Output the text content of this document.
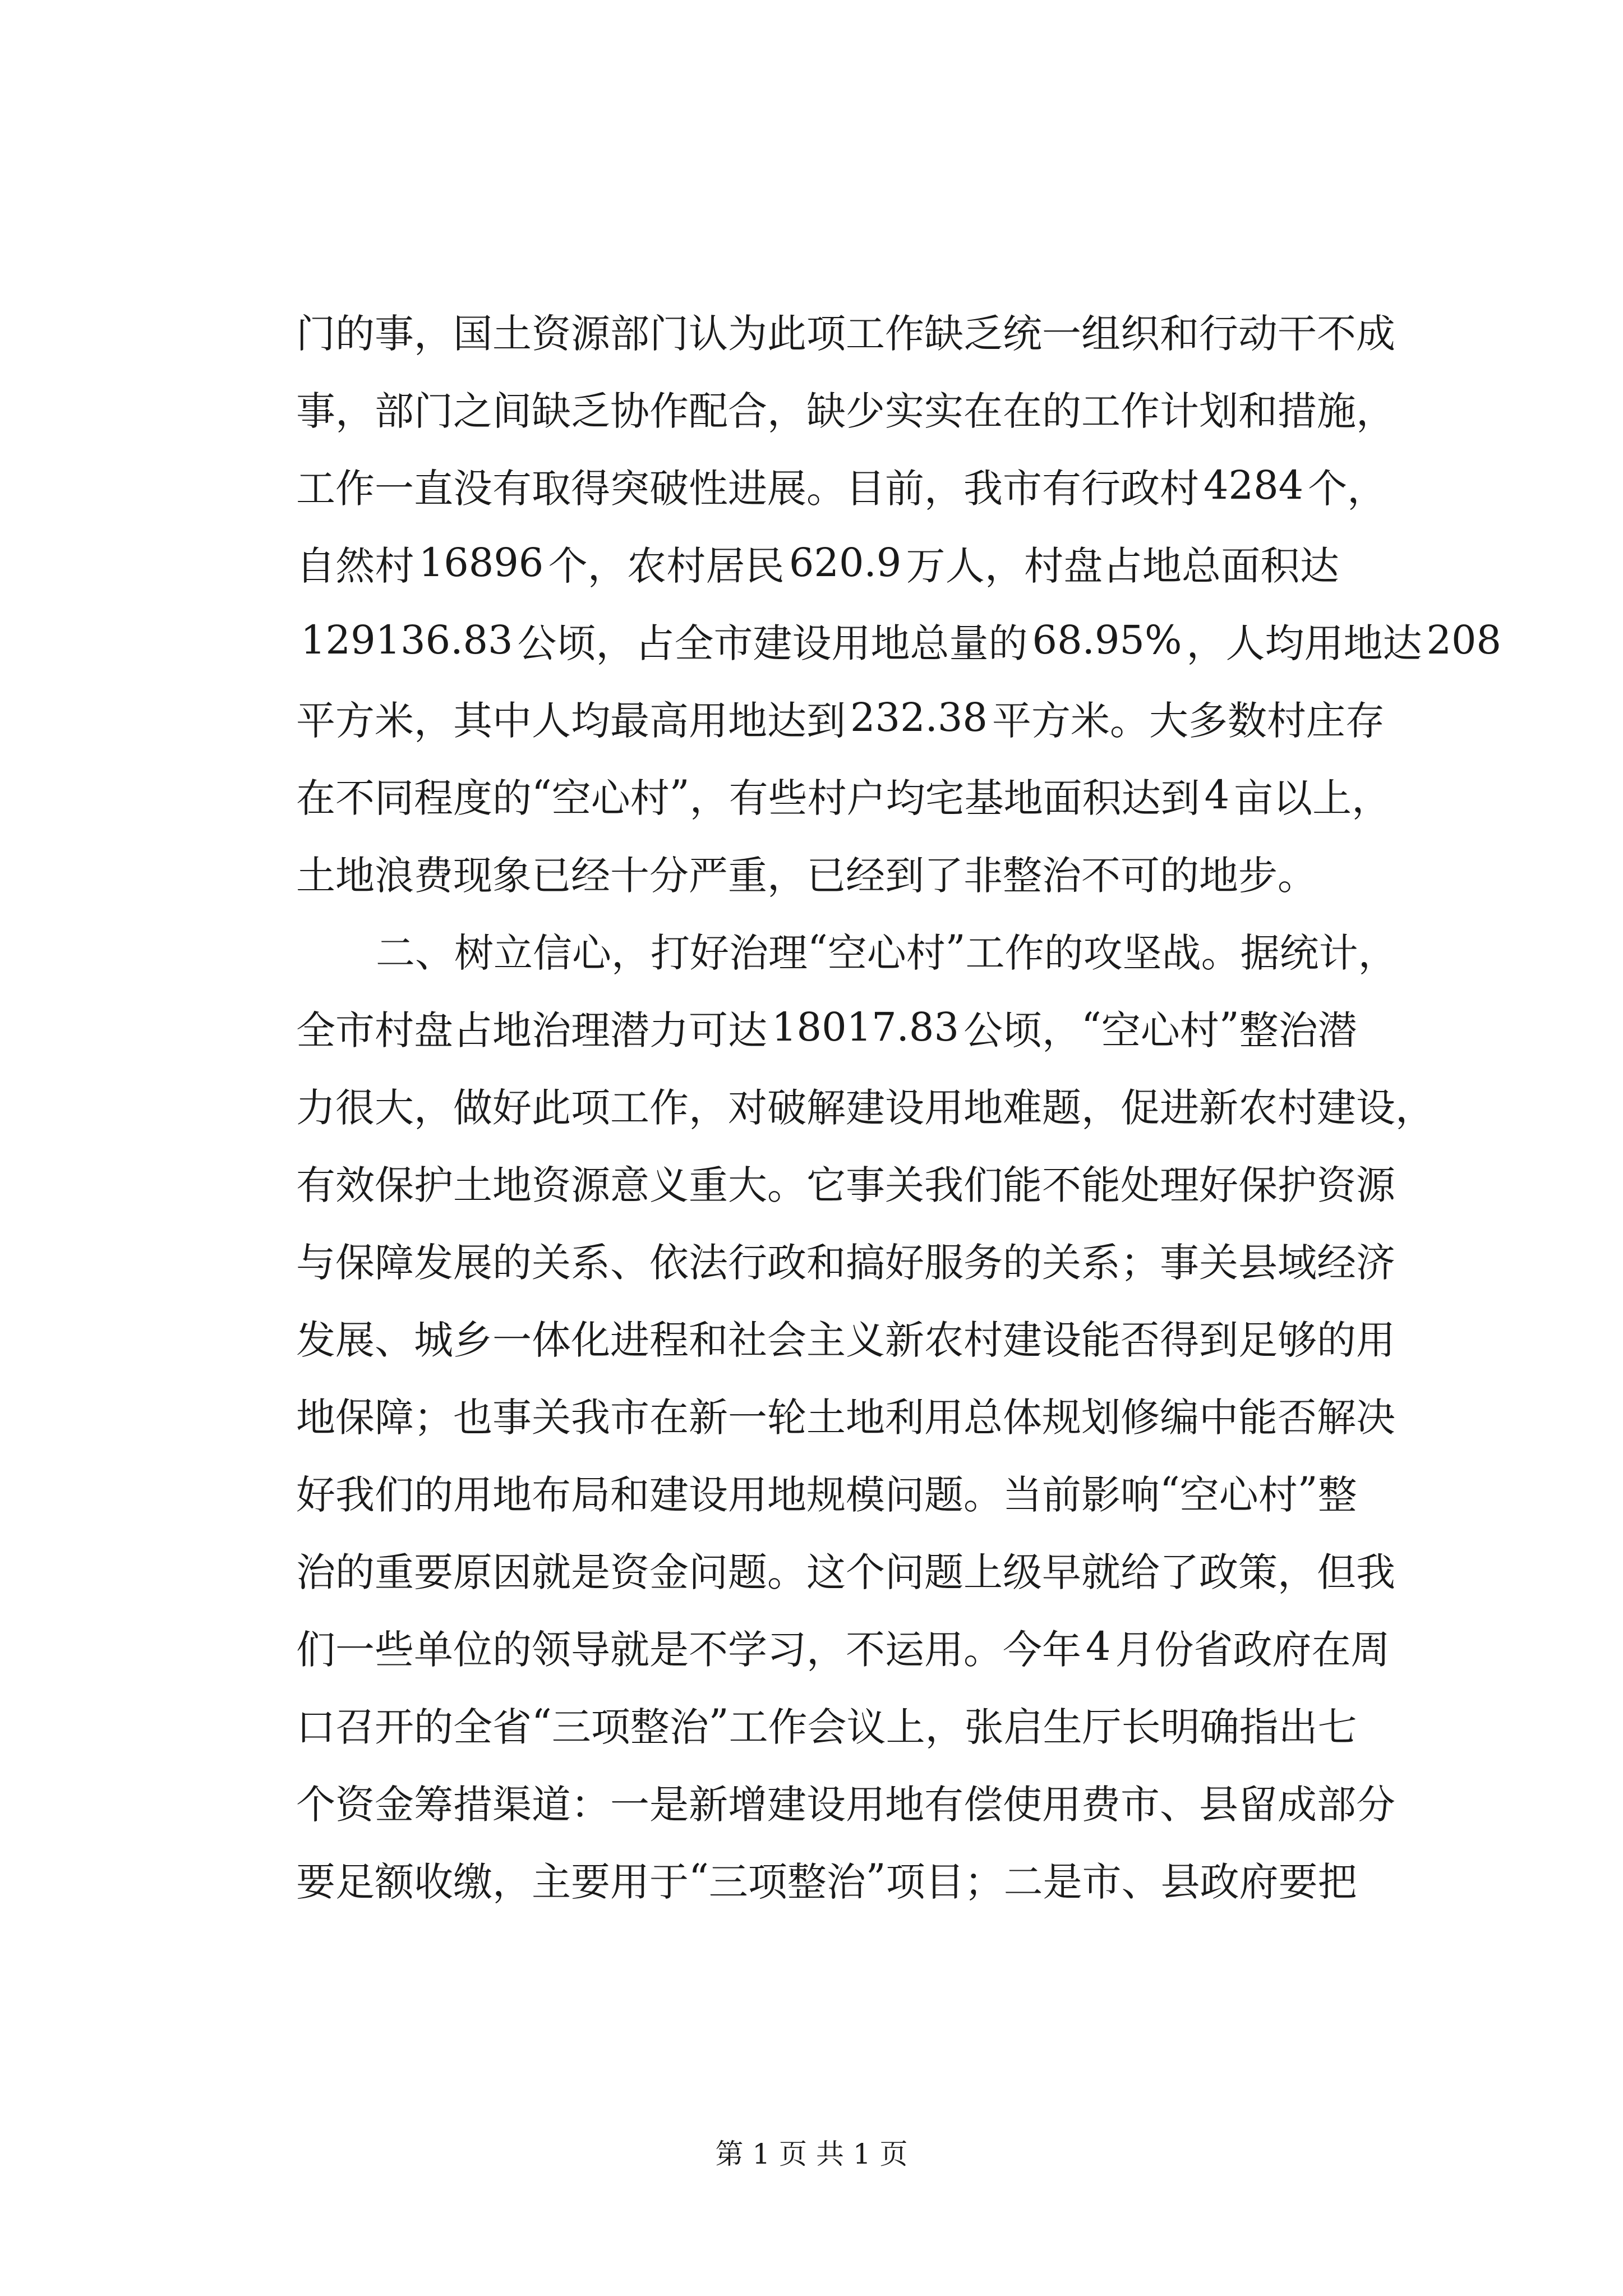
门 的 事 ， 国 土 资 源 部 门 认 为 此 项 工 作 缺 乏 统 一 组 织 和 行 动 干 不 成
事 ， 部 门 之 间 缺 乏 协 作 配 合 ， 缺 少 实 实 在 在 的 工 作 计 划 和 措 施 ，
工 作 一 直 没 有 取 得 突 破 性 进 展 。 目 前 ， 我 市 有 行 政 村 4284 个 ，
自 然 村 16896 个 ， 农 村 居 民 620.9 万 人 ， 村 盘 占 地 总 面 积 达
129136.83 公 顷 ， 占 全 市 建 设 用 地 总 量 的 68.95% ， 人 均 用 地 达 208
平 方 米 ， 其 中 人 均 最 高 用 地 达 到 232.38 平 方 米 。 大 多 数 村 庄 存
在 不 同 程 度 的 “ 空 心 村 ” ， 有 些 村 户 均 宅 基 地 面 积 达 到 4 亩 以 上 ，
土 地 浪 费 现 象 已 经 十 分 严 重 ， 已 经 到 了 非 整 治 不 可 的 地 步 。
二 、 树 立 信 心 ， 打 好 治 理 “ 空 心 村 ” 工 作 的 攻 坚 战 。 据 统 计 ，
全 市 村 盘 占 地 治 理 潜 力 可 达 18017.83 公 顷 ， “ 空 心 村 ” 整 治 潜
力 很 大 ， 做 好 此 项 工 作 ， 对 破 解 建 设 用 地 难 题 ， 促 进 新 农 村 建 设 ，
有 效 保 护 土 地 资 源 意 义 重 大 。 它 事 关 我 们 能 不 能 处 理 好 保 护 资 源
与 保 障 发 展 的 关 系 、 依 法 行 政 和 搞 好 服 务 的 关 系 ； 事 关 县 域 经 济
发 展 、 城 乡 一 体 化 进 程 和 社 会 主 义 新 农 村 建 设 能 否 得 到 足 够 的 用
地 保 障 ； 也 事 关 我 市 在 新 一 轮 土 地 利 用 总 体 规 划 修 编 中 能 否 解 决
好 我 们 的 用 地 布 局 和 建 设 用 地 规 模 问 题 。 当 前 影 响 “ 空 心 村 ” 整
治 的 重 要 原 因 就 是 资 金 问 题 。 这 个 问 题 上 级 早 就 给 了 政 策 ， 但 我
们 一 些 单 位 的 领 导 就 是 不 学 习 ， 不 运 用 。 今 年 4 月 份 省 政 府 在 周
口 召 开 的 全 省 “ 三 项 整 治 ” 工 作 会 议 上 ， 张 启 生 厅 长 明 确 指 出 七
个 资 金 筹 措 渠 道 ： 一 是 新 增 建 设 用 地 有 偿 使 用 费 市 、 县 留 成 部 分
要 足 额 收 缴 ， 主 要 用 于 “ 三 项 整 治 ” 项 目 ； 二 是 市 、 县 政 府 要 把
第 1 页 共 1 页
